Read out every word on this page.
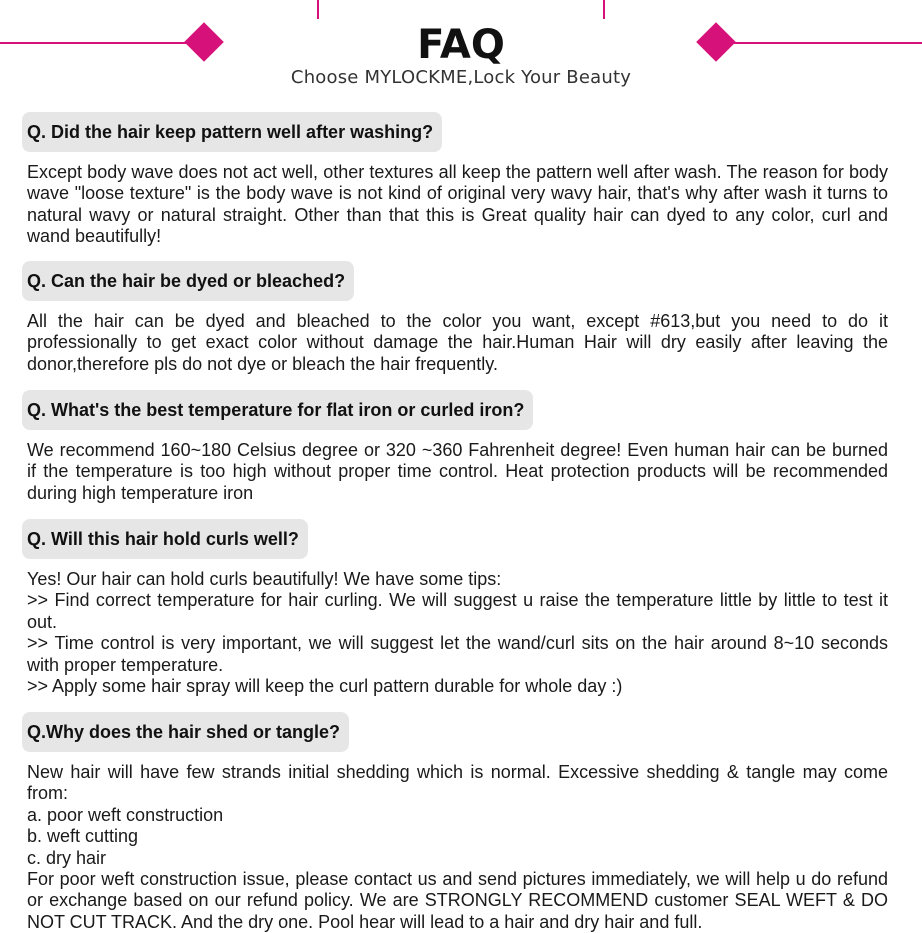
FAQ

Choose MYLOCKME,Lock Your Beauty

Q. Did the hair keep pattern well after washing?
Except body wave does not act well, other textures all keep the pattern well after wash. The reason for body wave "loose texture" is the body wave is not kind of original very wavy hair, that's why after wash it turns to natural wavy or natural straight. Other than that this is Great quality hair can dyed to any color, curl and wand beautifully!
Q. Can the hair be dyed or bleached?
All the hair can be dyed and bleached to the color you want, except #613,but you need to do it professionally to get exact color without damage the hair.Human Hair will dry easily after leaving the donor,therefore pls do not dye or bleach the hair frequently.
Q. What's the best temperature for flat iron or curled iron?
We recommend 160~180 Celsius degree or 320 ~360 Fahrenheit degree! Even human hair can be burned if the temperature is too high without proper time control. Heat protection products will be recommended during high temperature iron
Q. Will this hair hold curls well?
Yes! Our hair can hold curls beautifully! We have some tips:
>> Find correct temperature for hair curling. We will suggest u raise the temperature little by little to test it out.
>> Time control is very important, we will suggest let the wand/curl sits on the hair around 8~10 seconds with proper temperature.
>> Apply some hair spray will keep the curl pattern durable for whole day :)
Q.Why does the hair shed or tangle?
New hair will have few strands initial shedding which is normal. Excessive shedding & tangle may come from:
a. poor weft construction
b. weft cutting
c. dry hair
For poor weft construction issue, please contact us and send pictures immediately, we will help u do refund or exchange based on our refund policy. We are STRONGLY RECOMMEND customer SEAL WEFT & DO NOT CUT TRACK. And the dry one. Pool hear will lead to a hair and dry hair and full.
